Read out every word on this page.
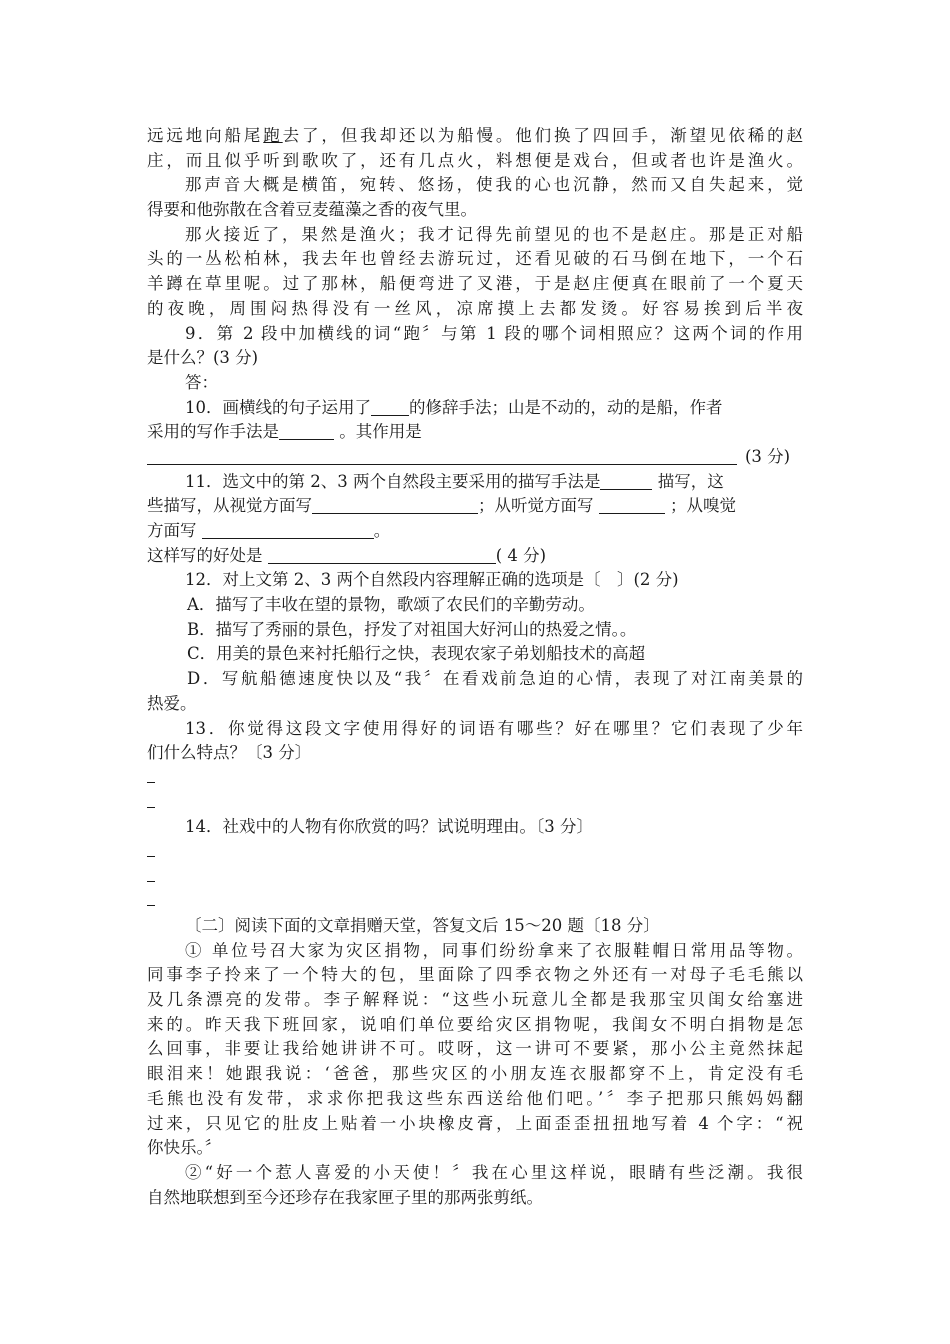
远远地向船尾跑去了，但我却还以为船慢。他们换了四回手，渐望见依稀的赵
庄，而且似乎听到歌吹了，还有几点火，料想便是戏台，但或者也许是渔火。
那声音大概是横笛，宛转、悠扬，使我的心也沉静，然而又自失起来，觉
得要和他弥散在含着豆麦蕴藻之香的夜气里。
那火接近了，果然是渔火；我才记得先前望见的也不是赵庄。那是正对船
头的一丛松柏林，我去年也曾经去游玩过，还看见破的石马倒在地下，一个石
羊蹲在草里呢。过了那林，船便弯进了叉港，于是赵庄便真在眼前了一个夏天
的夜晚，周围闷热得没有一丝风，凉席摸上去都发烫。好容易挨到后半夜
9．第 2 段中加横线的词“跑〞与第 1 段的哪个词相照应？这两个词的作用
是什么？(3 分)
答：
10．画横线的句子运用了 的修辞手法；山是不动的，动的是船，作者
采用的写作手法是	。其作用是
(3 分)
11．选文中的第 2、3 两个自然段主要采用的描写手法是	描写，这
些描写，从视觉方面写	；从听觉方面写	；从嗅觉
方面写	。
这样写的好处是	( 4 分)
12．对上文第 2、3 两个自然段内容理解正确的选项是〔　〕(2 分)
A．描写了丰收在望的景物，歌颂了农民们的辛勤劳动。
B．描写了秀丽的景色，抒发了对祖国大好河山的热爱之情。。
C．用美的景色来衬托船行之快，表现农家子弟划船技术的高超
D．写航船德速度快以及“我〞在看戏前急迫的心情，表现了对江南美景的
热爱。
13．你觉得这段文字使用得好的词语有哪些？好在哪里？它们表现了少年
们什么特点？〔3 分〕
14．社戏中的人物有你欣赏的吗？试说明理由。〔3 分〕
〔二〕阅读下面的文章捐赠天堂，答复文后 15～20 题〔18 分〕
① 单位号召大家为灾区捐物，同事们纷纷拿来了衣服鞋帽日常用品等物。
同事李子拎来了一个特大的包，里面除了四季衣物之外还有一对母子毛毛熊以
及几条漂亮的发带。李子解释说：“这些小玩意儿全都是我那宝贝闺女给塞进
来的。昨天我下班回家，说咱们单位要给灾区捐物呢，我闺女不明白捐物是怎
么回事，非要让我给她讲讲不可。哎呀，这一讲可不要紧，那小公主竟然抹起
眼泪来！她跟我说：‘爸爸，那些灾区的小朋友连衣服都穿不上，肯定没有毛
毛熊也没有发带，求求你把我这些东西送给他们吧。’〞李子把那只熊妈妈翻
过来，只见它的肚皮上贴着一小块橡皮膏，上面歪歪扭扭地写着 4 个字：“祝
你快乐。〞
②“好一个惹人喜爱的小天使！〞我在心里这样说，眼睛有些泛潮。我很
自然地联想到至今还珍存在我家匣子里的那两张剪纸。
